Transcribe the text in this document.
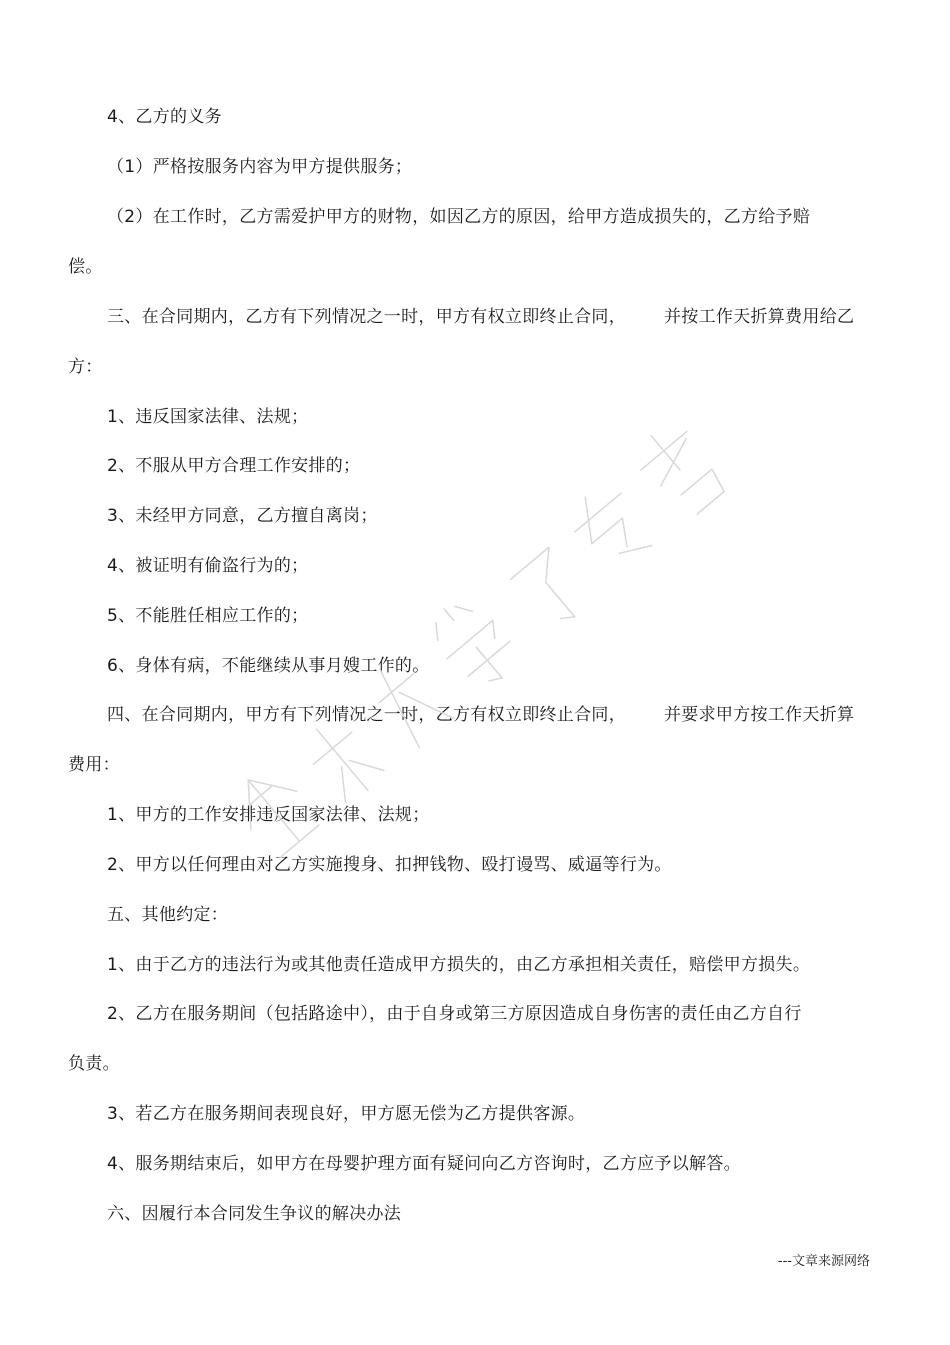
4、乙方的义务
（1）严格按服务内容为甲方提供服务；
（2）在工作时，乙方需爱护甲方的财物，如因乙方的原因，给甲方造成损失的，乙方给予赔
偿。
三、在合同期内，乙方有下列情况之一时，甲方有权立即终止合同， 并按工作天折算费用给乙
方：
1、违反国家法律、法规；
2、不服从甲方合理工作安排的；
3、未经甲方同意，乙方擅自离岗；
4、被证明有偷盗行为的；
5、不能胜任相应工作的；
6、身体有病，不能继续从事月嫂工作的。
四、在合同期内，甲方有下列情况之一时，乙方有权立即终止合同， 并要求甲方按工作天折算
费用：
1、甲方的工作安排违反国家法律、法规；
2、甲方以任何理由对乙方实施搜身、扣押钱物、殴打谩骂、威逼等行为。
五、其他约定：
1、由于乙方的违法行为或其他责任造成甲方损失的，由乙方承担相关责任，赔偿甲方损失。
2、乙方在服务期间（包括路途中），由于自身或第三方原因造成自身伤害的责任由乙方自行
负责。
3、若乙方在服务期间表现良好，甲方愿无偿为乙方提供客源。
4、服务期结束后，如甲方在母婴护理方面有疑问向乙方咨询时，乙方应予以解答。
六、因履行本合同发生争议的解决办法
---文章来源网络
